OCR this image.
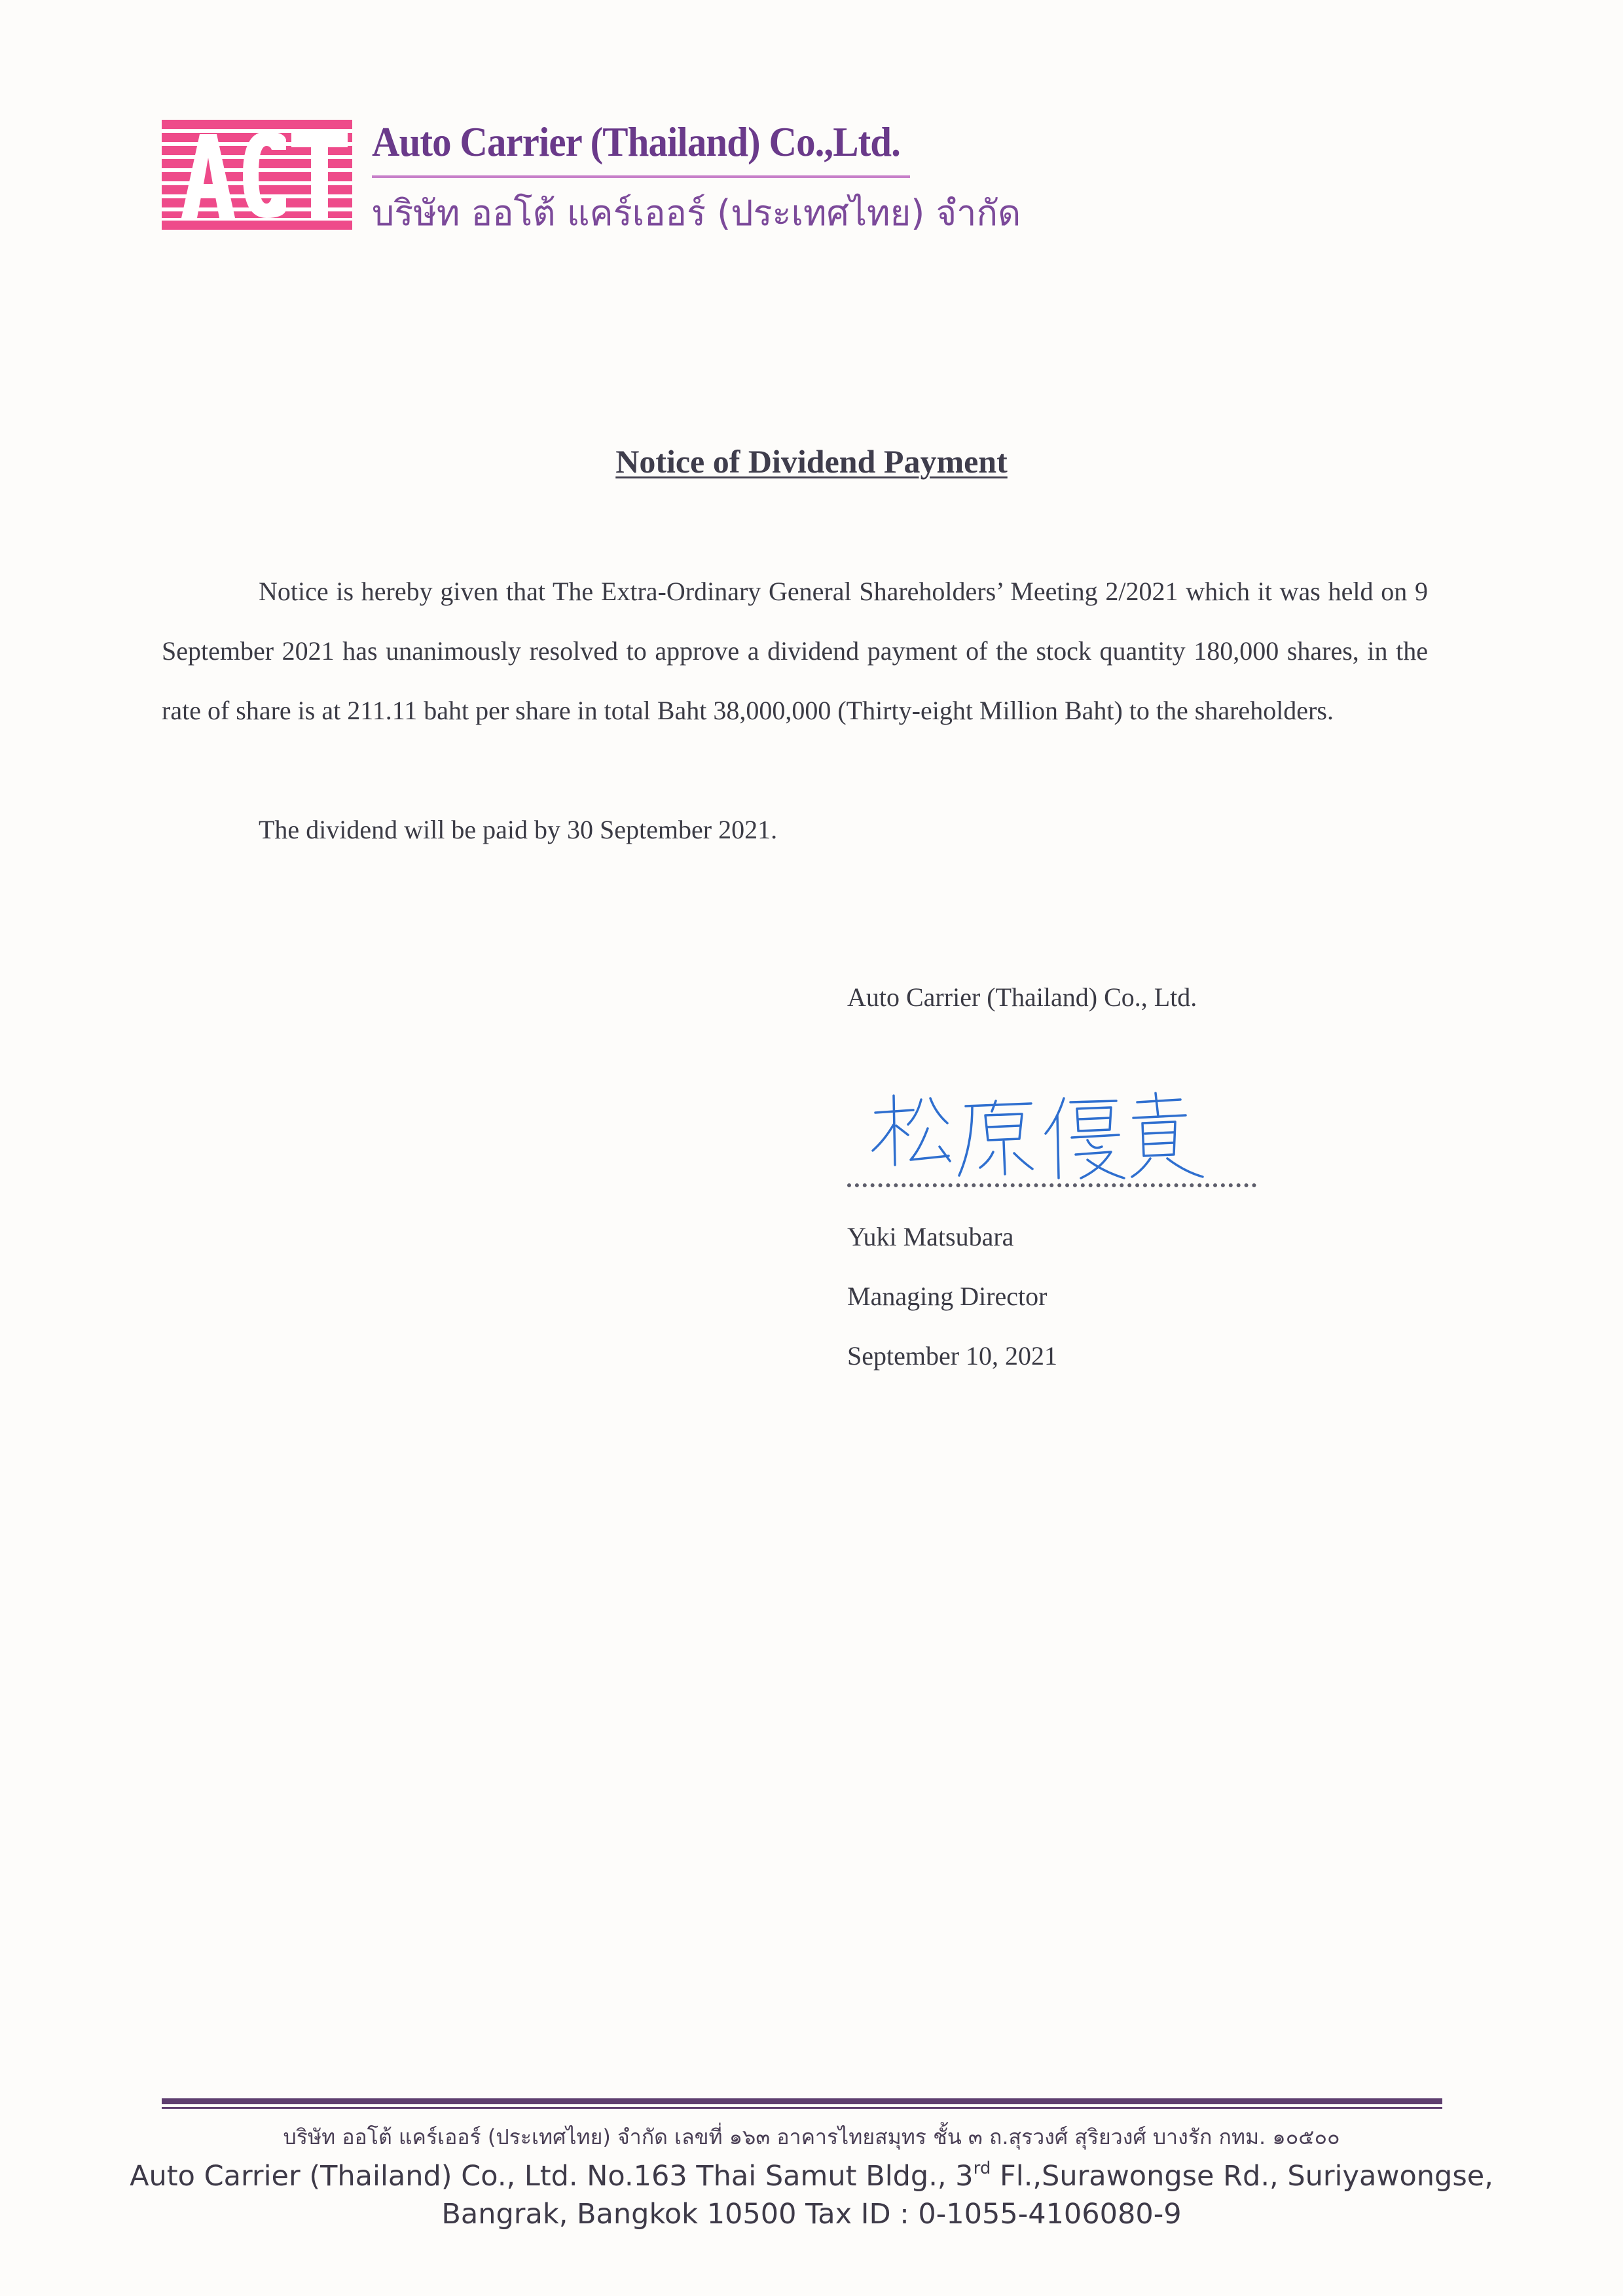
Auto Carrier (Thailand) Co.,Ltd.
บริษัท ออโต้ แคร์เออร์ (ประเทศไทย) จำกัด
Notice of Dividend Payment
Notice is hereby given that The Extra-Ordinary General Shareholders’ Meeting 2/2021 which it was held on 9 September 2021 has unanimously resolved to approve a dividend payment of the stock quantity 180,000 shares, in the rate of share is at 211.11 baht per share in total Baht 38,000,000 (Thirty-eight Million Baht) to the shareholders.
The dividend will be paid by 30 September 2021.
Auto Carrier (Thailand) Co., Ltd.
Yuki Matsubara
Managing Director
September 10, 2021
บริษัท ออโต้ แคร์เออร์ (ประเทศไทย) จำกัด เลขที่ ๑๖๓ อาคารไทยสมุทร ชั้น ๓ ถ.สุรวงศ์ สุริยวงศ์ บางรัก กทม. ๑๐๕๐๐
Auto Carrier (Thailand) Co., Ltd. No.163 Thai Samut Bldg., 3rd Fl.,Surawongse Rd., Suriyawongse,
Bangrak, Bangkok 10500 Tax ID : 0-1055-4106080-9
